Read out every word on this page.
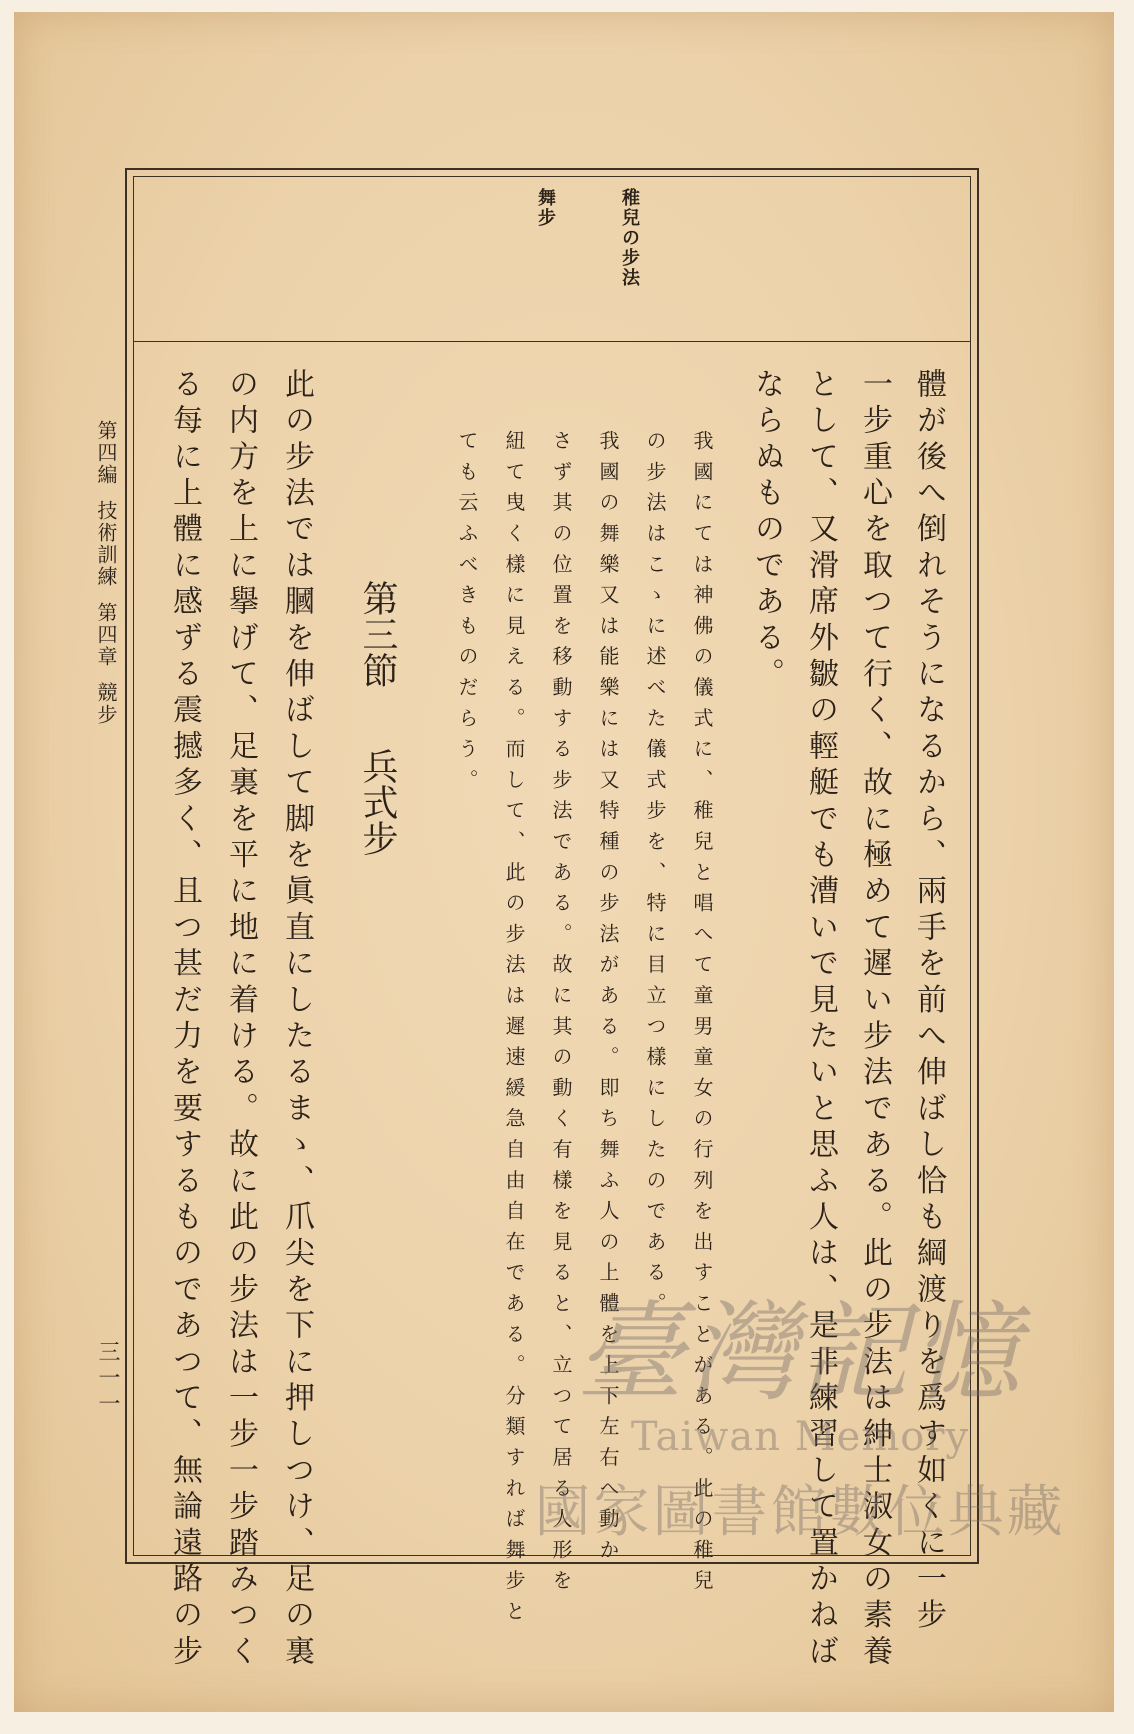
稚兒の步法
舞步
體が後へ倒れそうになるから、兩手を前へ伸ばし恰も綱渡りを爲す如くに一步
一步重心を取つて行く、故に極めて遲い步法である。此の步法は紳士淑女の素養
として、又滑席外皺の輕艇でも漕いで見たいと思ふ人は、是非練習して置かねば
ならぬものである。
我國にては神佛の儀式に、稚兒と唱へて童男童女の行列を出すことがある。此の稚兒
の步法はこゝに述べた儀式步を、特に目立つ樣にしたのである。
我國の舞樂又は能樂には又特種の步法がある。即ち舞ふ人の上體を上下左右へ動か
さず其の位置を移動する步法である。故に其の動く有樣を見ると、立つて居る人形を
紐て曳く樣に見える。而して、此の步法は遲速緩急自由自在である。分類すれば舞步と
ても云ふべきものだらう。
第三節兵式步
此の步法では膕を伸ばして脚を眞直にしたるまゝ、爪尖を下に押しつけ、足の裏
の内方を上に擧げて、足裏を平に地に着ける。故に此の步法は一步一步踏みつく
る每に上體に感ずる震撼多く、且つ甚だ力を要するものであつて、無論遠路の步
第四編技術訓練第四章競步
三一一	臺灣記憶
Taiwan Memory
國家圖書館數位典藏
